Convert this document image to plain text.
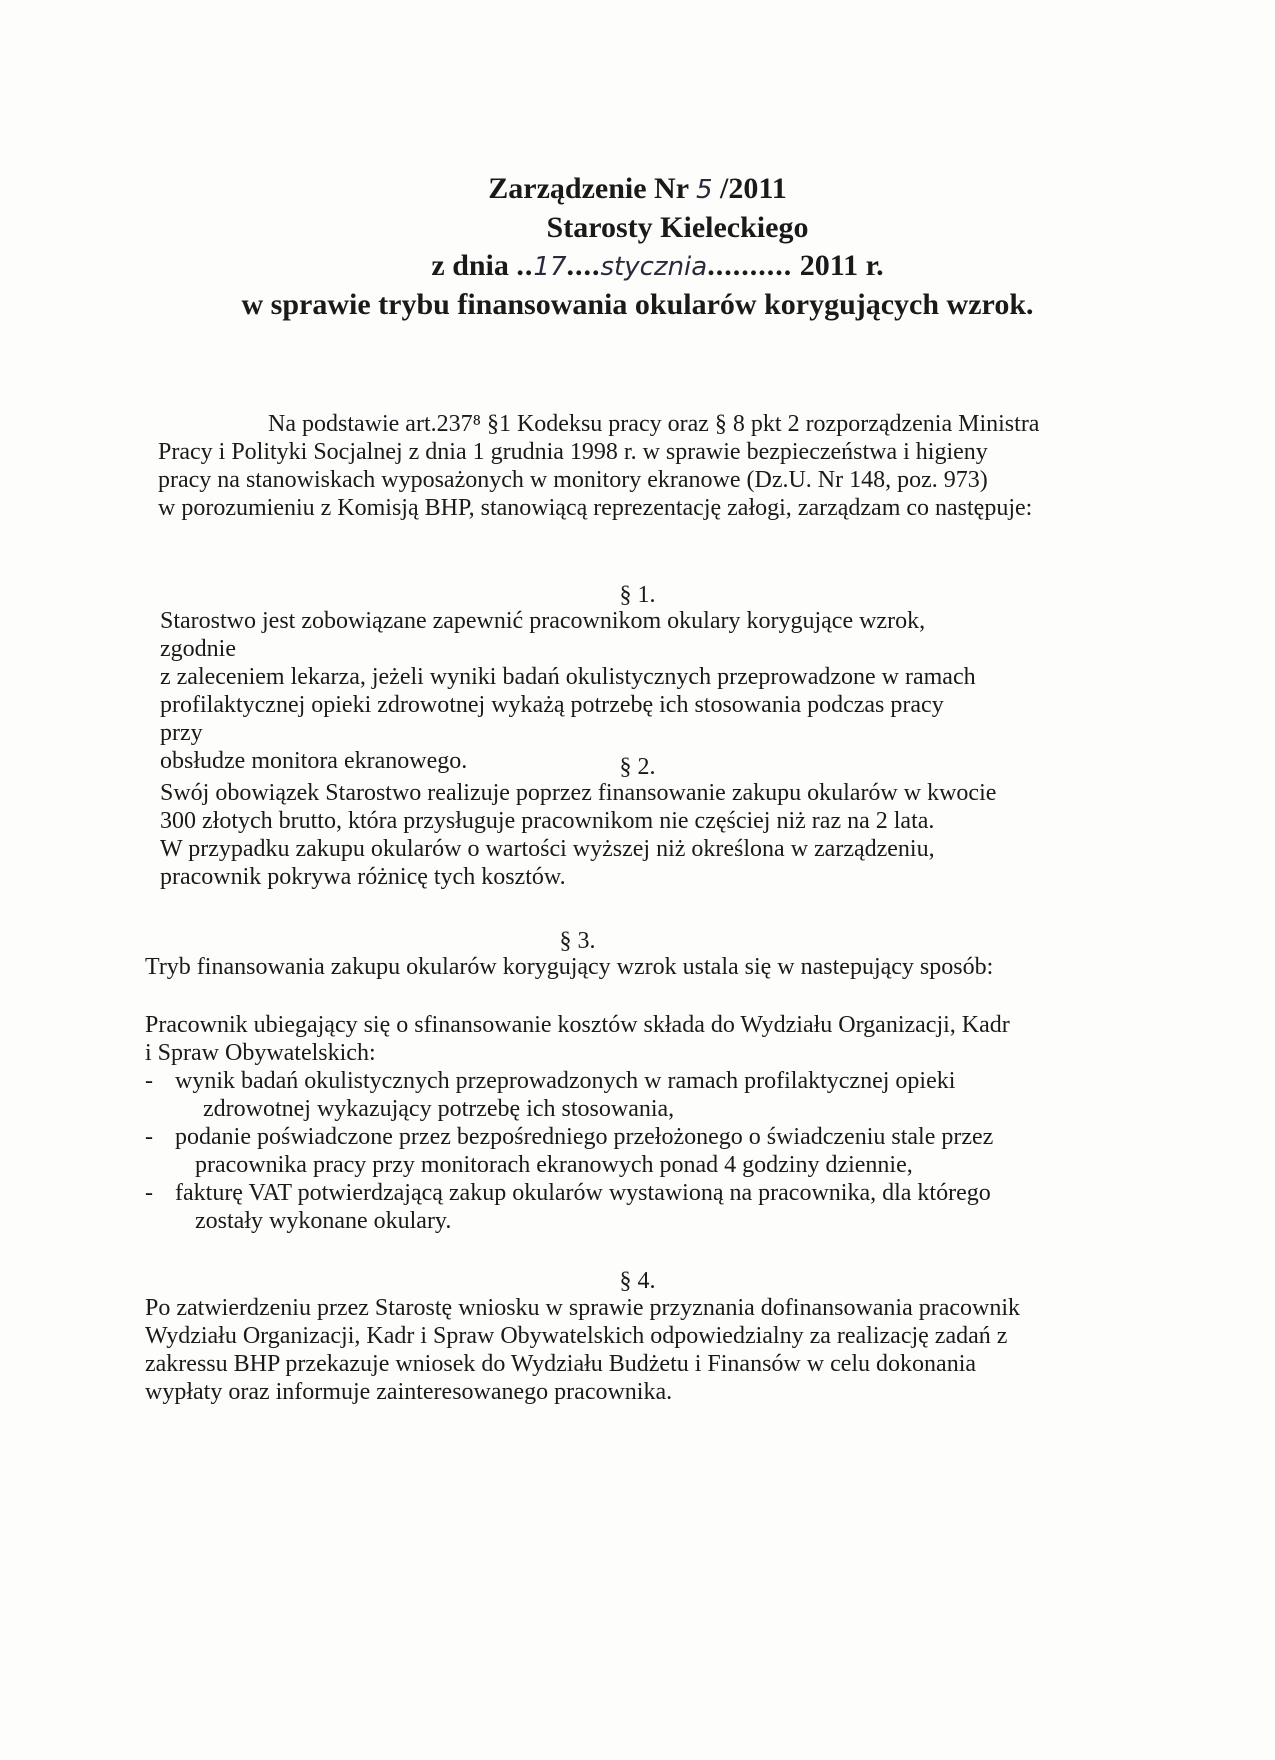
Zarządzenie Nr 5 /2011
Starosty Kieleckiego
z dnia ..17....stycznia.......... 2011 r.
w sprawie trybu finansowania okularów korygujących wzrok.
Na podstawie art.237⁸ §1 Kodeksu pracy oraz § 8 pkt 2 rozporządzenia Ministra
Pracy i Polityki Socjalnej z dnia 1 grudnia 1998 r. w sprawie bezpieczeństwa i higieny
pracy na stanowiskach wyposażonych w monitory ekranowe (Dz.U. Nr 148, poz. 973)
w porozumieniu z Komisją BHP, stanowiącą reprezentację załogi, zarządzam co następuje:
§ 1.
Starostwo jest zobowiązane zapewnić pracownikom okulary korygujące wzrok, zgodnie
z zaleceniem lekarza, jeżeli wyniki badań okulistycznych przeprowadzone w ramach
profilaktycznej opieki zdrowotnej wykażą potrzebę ich stosowania podczas pracy przy
obsłudze monitora ekranowego.	§ 2.
Swój obowiązek Starostwo realizuje poprzez finansowanie zakupu okularów w kwocie
300 złotych brutto, która przysługuje pracownikom nie częściej niż raz na 2 lata.
W przypadku zakupu okularów o wartości wyższej niż określona w zarządzeniu,
pracownik pokrywa różnicę tych kosztów.
§ 3.
Tryb finansowania zakupu okularów korygujący wzrok ustala się w nastepujący sposób:
Pracownik ubiegający się o sfinansowanie kosztów składa do Wydziału Organizacji, Kadr
i Spraw Obywatelskich:
- wynik badań okulistycznych przeprowadzonych w ramach profilaktycznej opieki
zdrowotnej wykazujący potrzebę ich stosowania,
- podanie poświadczone przez bezpośredniego przełożonego o świadczeniu stale przez
pracownika pracy przy monitorach ekranowych ponad 4 godziny dziennie,
- fakturę VAT potwierdzającą zakup okularów wystawioną na pracownika, dla którego
zostały wykonane okulary.
§ 4.
Po zatwierdzeniu przez Starostę wniosku w sprawie przyznania dofinansowania pracownik
Wydziału Organizacji, Kadr i Spraw Obywatelskich odpowiedzialny za realizację zadań z
zakressu BHP przekazuje wniosek do Wydziału Budżetu i Finansów w celu dokonania
wypłaty oraz informuje zainteresowanego pracownika.
